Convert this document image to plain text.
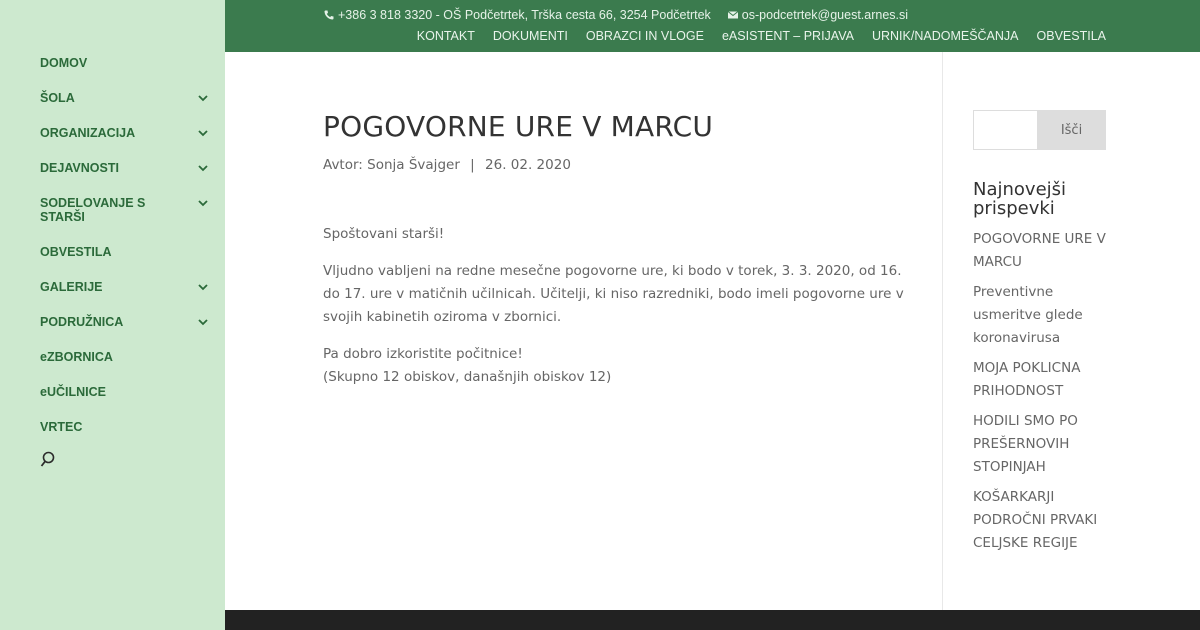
DOMOV
ŠOLA
ORGANIZACIJA
DEJAVNOSTI
SODELOVANJE S STARŠI
OBVESTILA
GALERIJE
PODRUŽNICA
eZBORNICA
eUČILNICE
VRTEC
+386 3 818 3320 - OŠ Podčetrtek, Trška cesta 66, 3254 Podčetrtek os-podcetrtek@guest.arnes.si
KONTAKT DOKUMENTI OBRAZCI IN VLOGE eASISTENT – PRIJAVA URNIK/NADOMEŠČANJA OBVESTILA
POGOVORNE URE V MARCU
Avtor: Sonja Švajger | 26. 02. 2020

Spoštovani starši!

Vljudno vabljeni na redne mesečne pogovorne ure, ki bodo v torek, 3. 3. 2020, od 16. do 17. ure v matičnih učilnicah. Učitelji, ki niso razredniki, bodo imeli pogovorne ure v svojih kabinetih oziroma v zbornici.

Pa dobro izkoristite počitnice!

(Skupno 12 obiskov, današnjih obiskov 12)

Išči
Najnovejši prispevki
POGOVORNE URE V MARCU
Preventivne usmeritve glede koronavirusa
MOJA POKLICNA PRIHODNOST
HODILI SMO PO PREŠERNOVIH STOPINJAH
KOŠARKARJI PODROČNI PRVAKI CELJSKE REGIJE
